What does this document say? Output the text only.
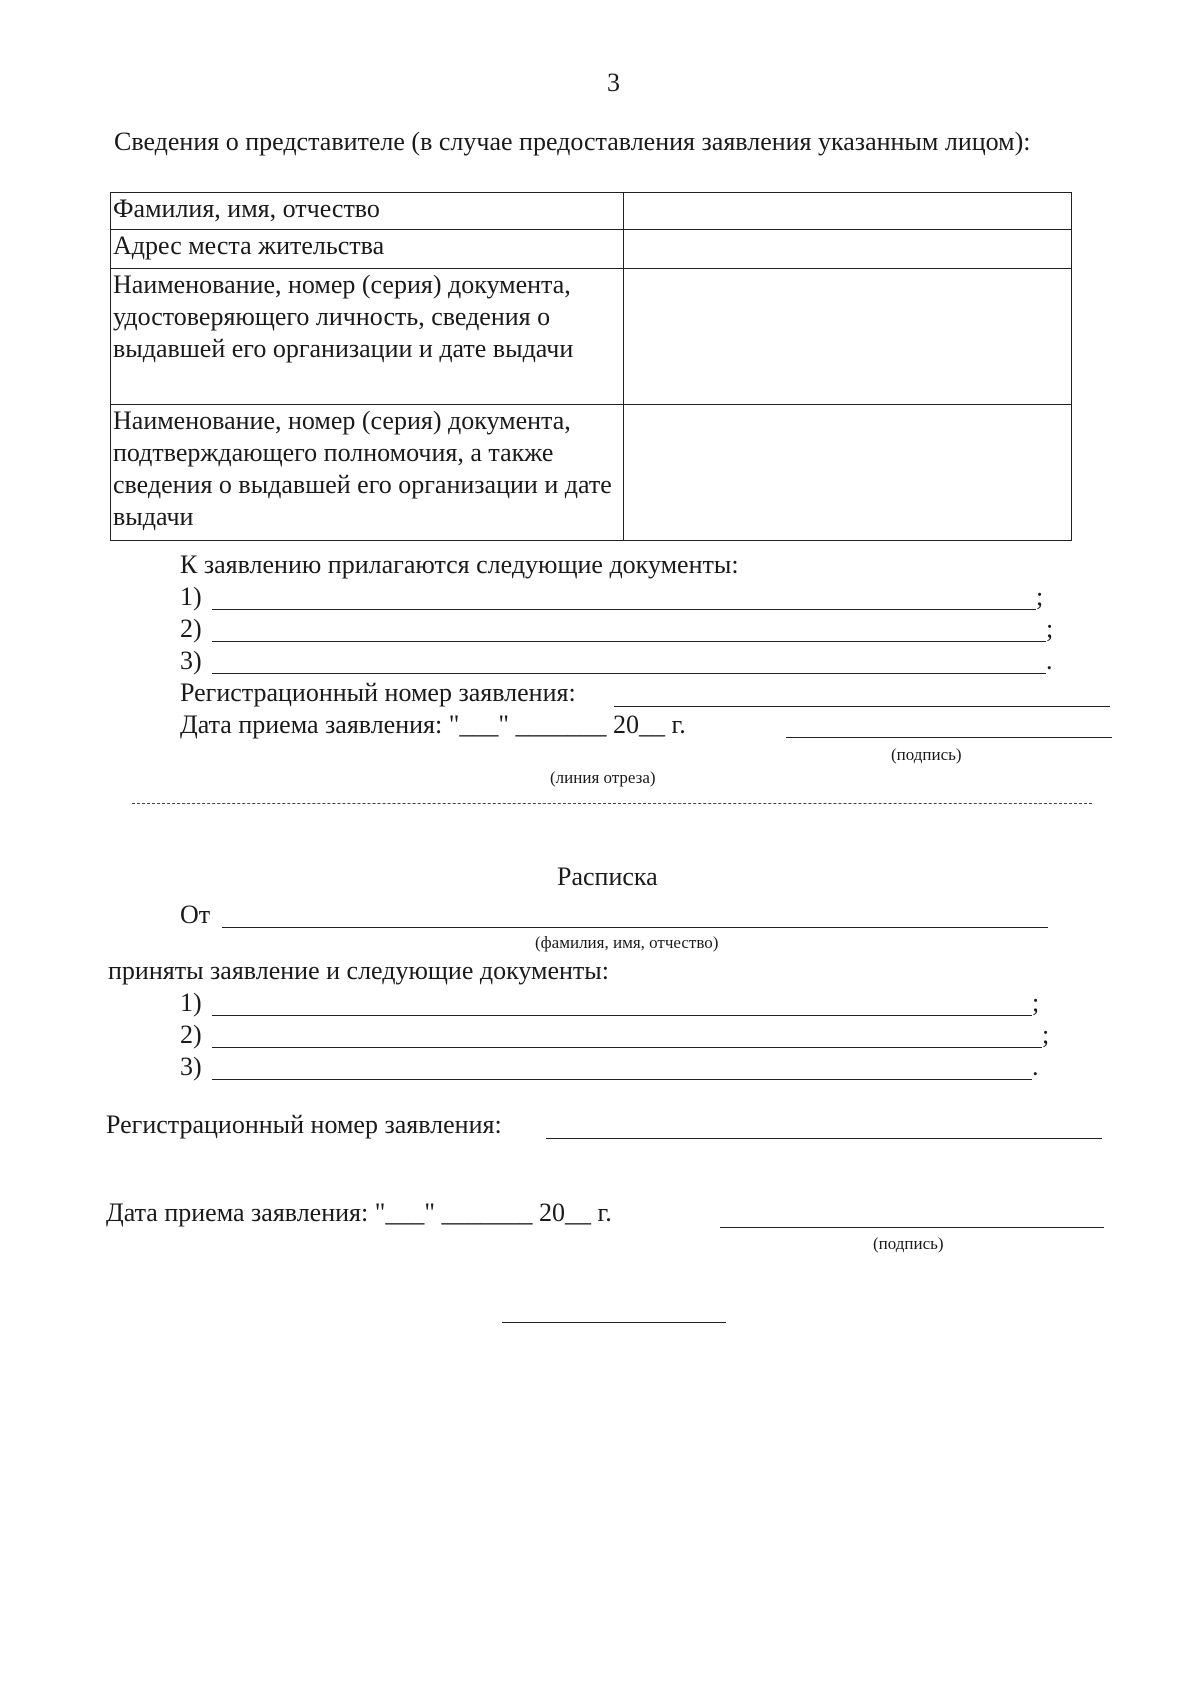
3
Сведения о представителе (в случае предоставления заявления указанным лицом):
Фамилия, имя, отчество	
Адрес места жительства	
Наименование, номер (серия) документа, удостоверяющего личность, сведения о выдавшей его организации и дате выдачи	
Наименование, номер (серия) документа, подтверждающего полномочия, а также сведения о выдавшей его организации и дате выдачи	
К заявлению прилагаются следующие документы:
1)	;
2)	;
3)	.
Регистрационный номер заявления:
Дата приема заявления: "___" _______ 20__ г.
(подпись)
(линия отреза)
Расписка
От
(фамилия, имя, отчество)
приняты заявление и следующие документы:
1)	;
2)	;
3)	.
Регистрационный номер заявления:
Дата приема заявления: "___" _______ 20__ г.
(подпись)
